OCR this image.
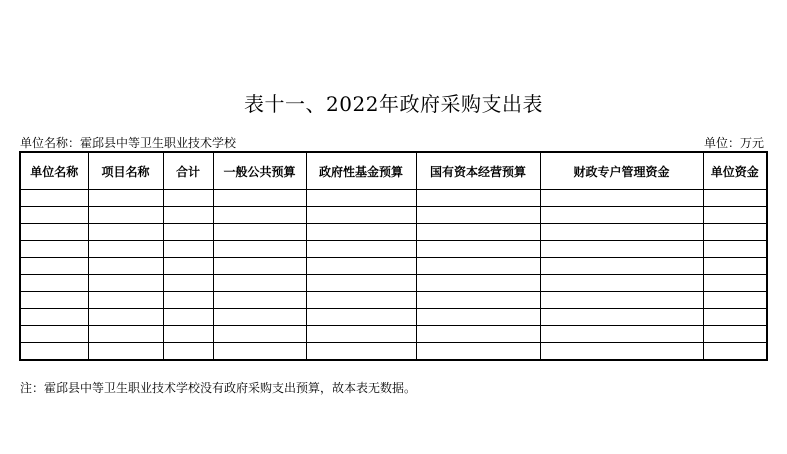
表十一、2022年政府采购支出表
单位名称：霍邱县中等卫生职业技术学校	单位：万元
单位名称	项目名称	合计	一般公共预算	政府性基金预算	国有资本经营预算	财政专户管理资金	单位资金

注：霍邱县中等卫生职业技术学校没有政府采购支出预算，故本表无数据。
